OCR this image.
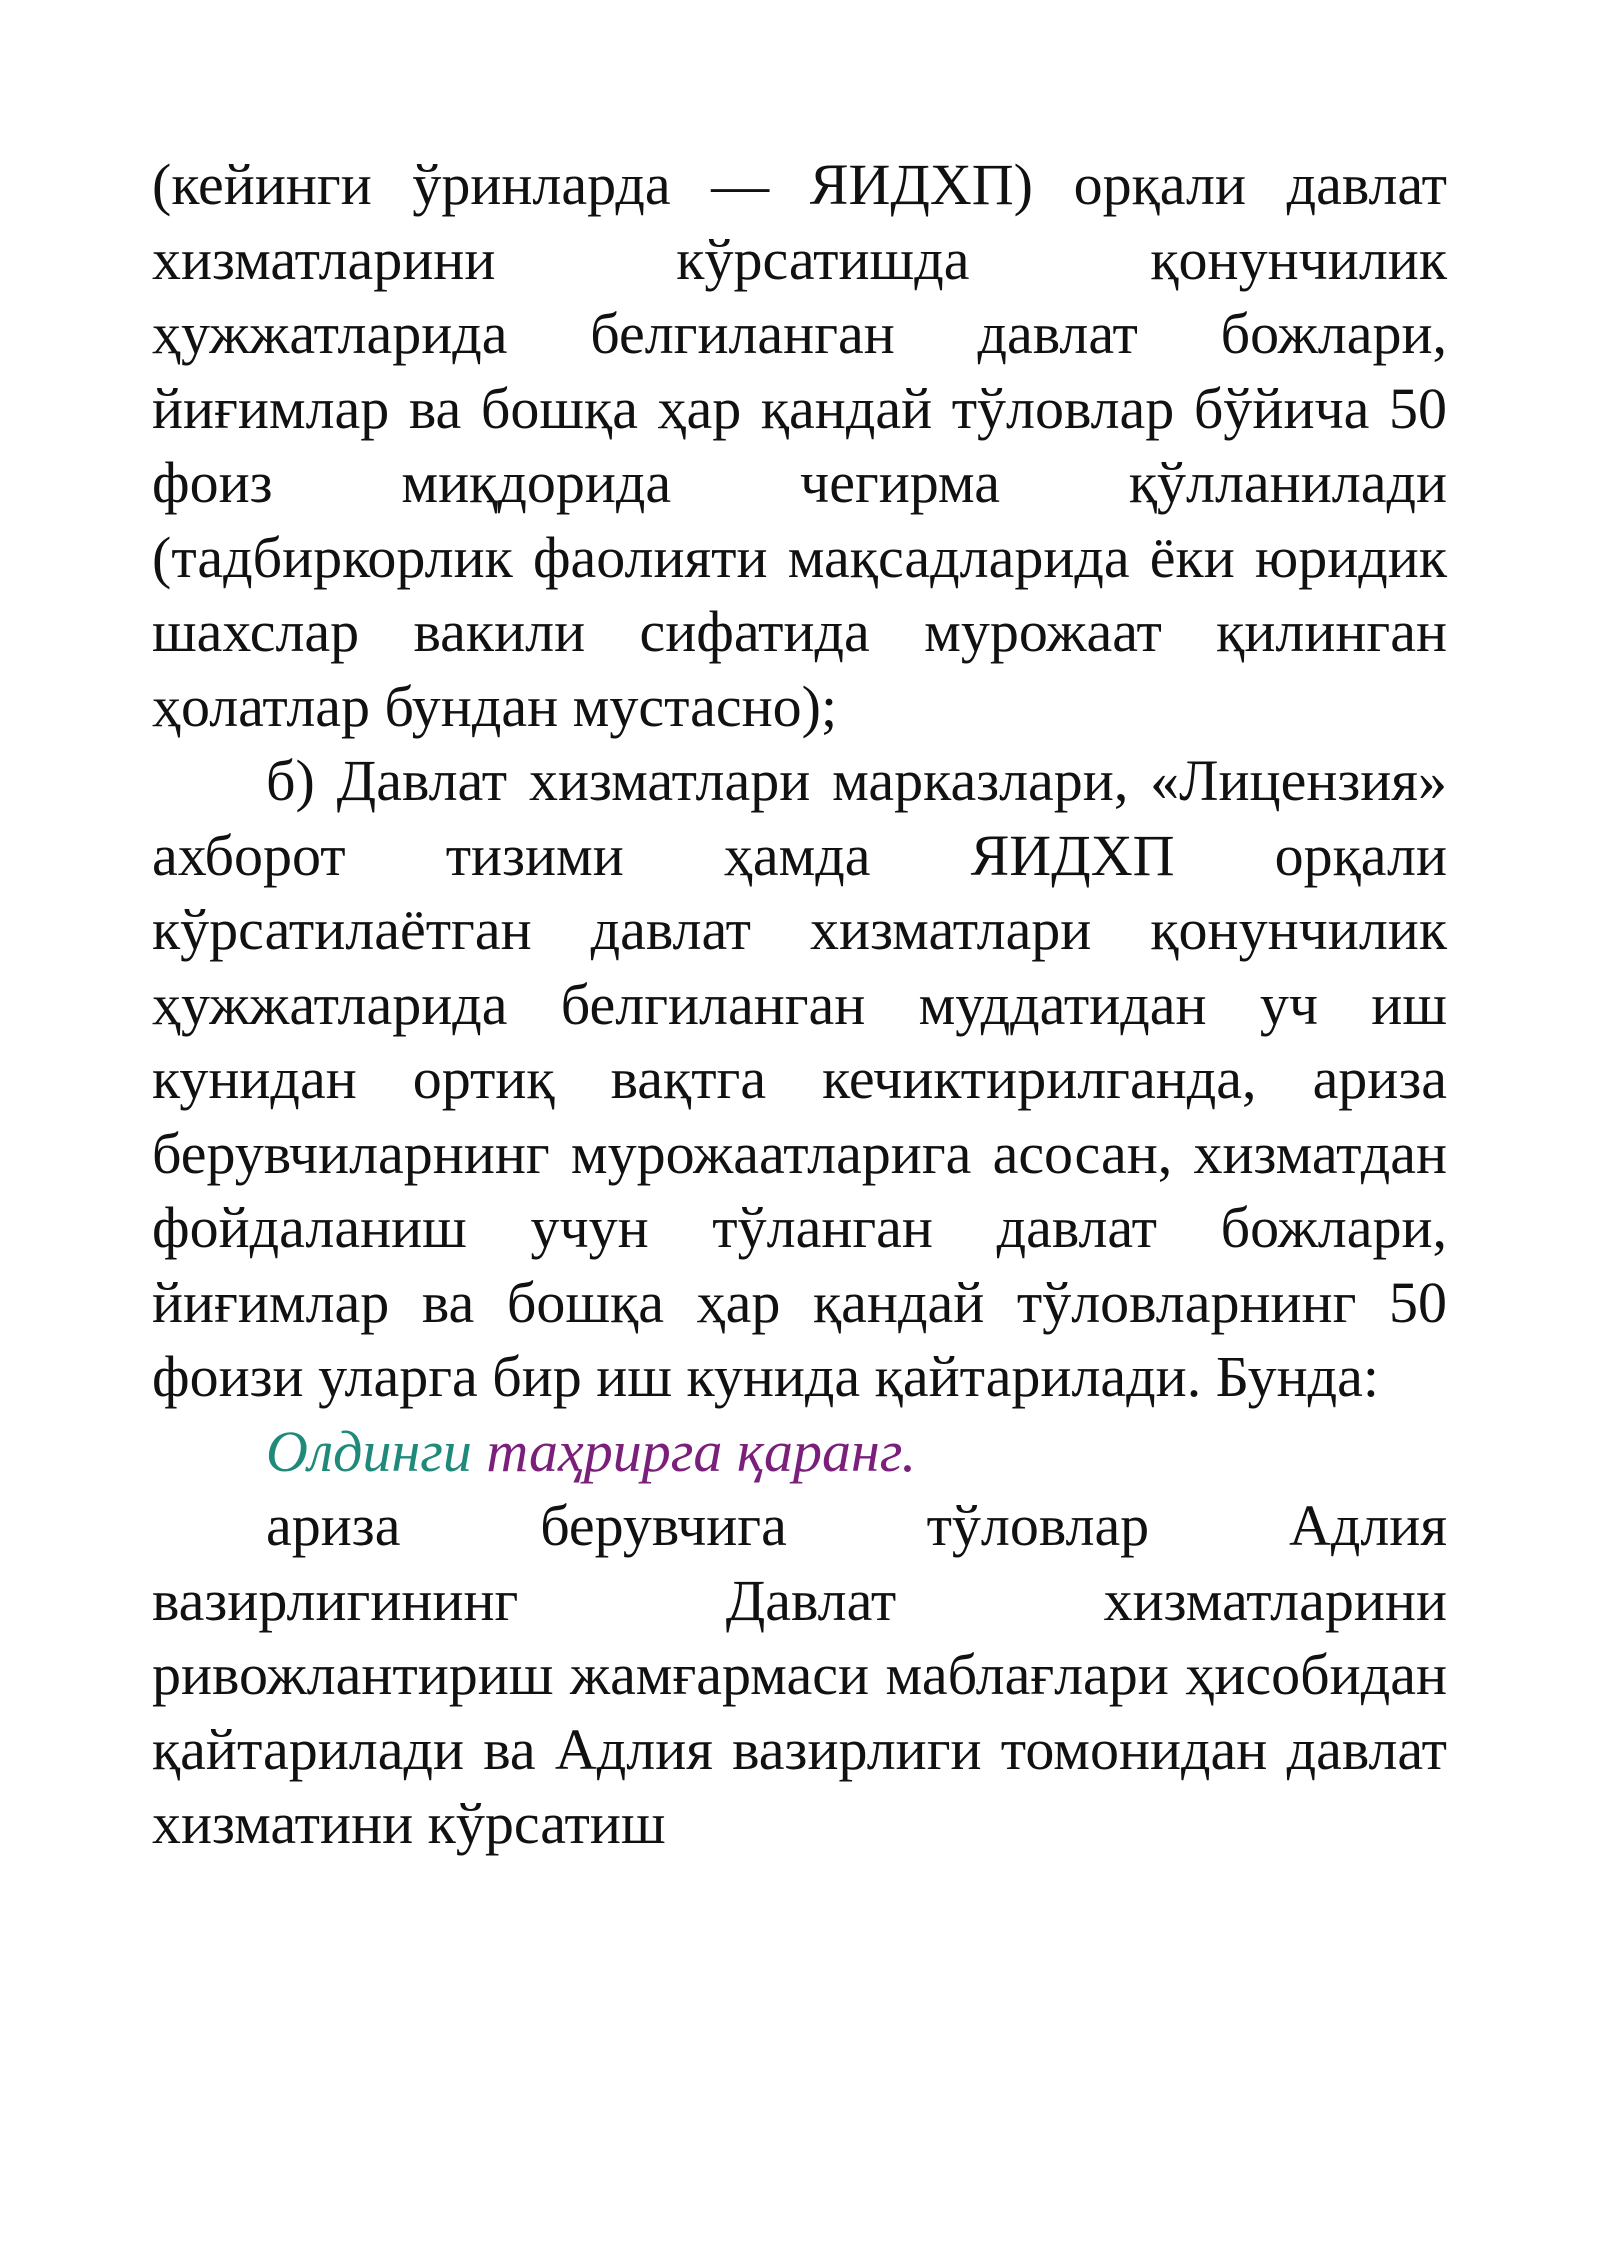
(кейинги ўринларда — ЯИДХП) орқали давлат хизматларини кўрсатишда қонунчилик ҳужжатларида белгиланган давлат божлари, йиғимлар ва бошқа ҳар қандай тўловлар бўйича 50 фоиз миқдорида чегирма қўлланилади (тадбиркорлик фаолияти мақсадларида ёки юридик шахслар вакили сифатида мурожаат қилинган ҳолатлар бундан мустасно);

б) Давлат хизматлари марказлари, «Лицензия» ахборот тизими ҳамда ЯИДХП орқали кўрсатилаётган давлат хизматлари қонунчилик ҳужжатларида белгиланган муддатидан уч иш кунидан ортиқ вақтга кечиктирилганда, ариза берувчиларнинг мурожаатларига асосан, хизматдан фойдаланиш учун тўланган давлат божлари, йиғимлар ва бошқа ҳар қандай тўловларнинг 50 фоизи уларга бир иш кунида қайтарилади. Бунда:

Олдинги таҳрирга қаранг.

ариза берувчига тўловлар Адлия вазирлигининг Давлат хизматларини ривожлантириш жамғармаси маблағлари ҳисобидан қайтарилади ва Адлия вазирлиги томонидан давлат хизматини кўрсатиш
